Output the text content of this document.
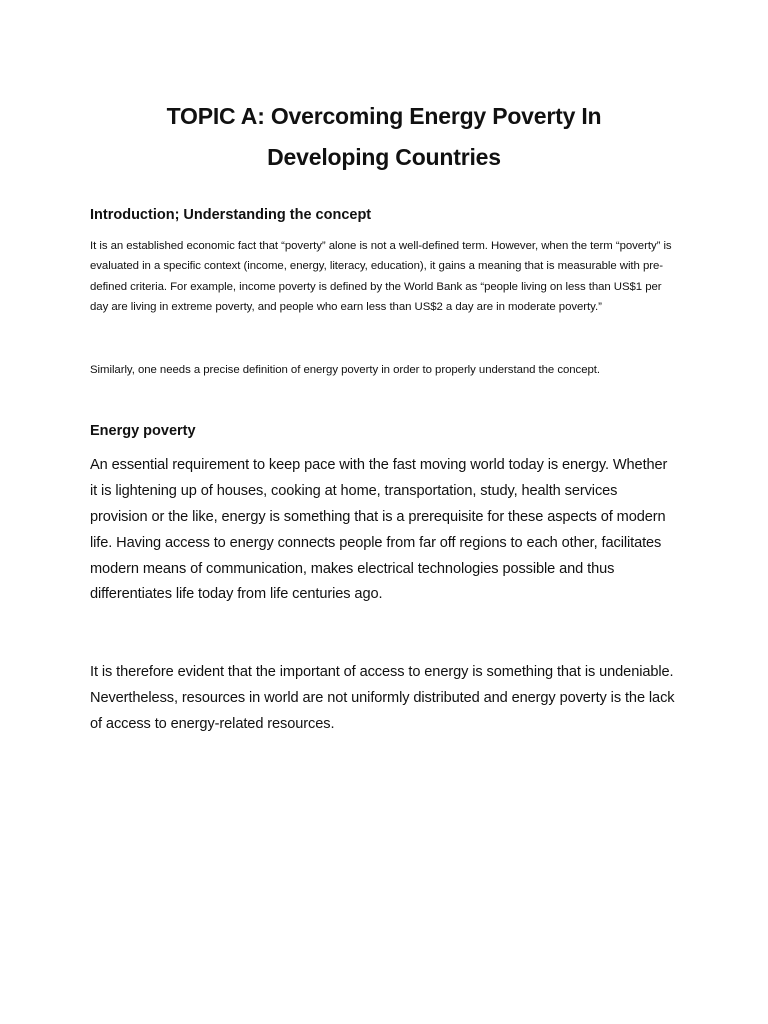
TOPIC A: Overcoming Energy Poverty In
Developing Countries
Introduction; Understanding the concept

It is an established economic fact that “poverty” alone is not a well-defined term. However, when the term “poverty” is evaluated in a specific context (income, energy, literacy, education), it gains a meaning that is measurable with pre-defined criteria. For example, income poverty is defined by the World Bank as “people living on less than US$1 per day are living in extreme poverty, and people who earn less than US$2 a day are in moderate poverty.”

Similarly, one needs a precise definition of energy poverty in order to properly understand the concept.

Energy poverty

An essential requirement to keep pace with the fast moving world today is energy. Whether it is lightening up of houses, cooking at home, transportation, study, health services provision or the like, energy is something that is a prerequisite for these aspects of modern life. Having access to energy connects people from far off regions to each other, facilitates modern means of communication, makes electrical technologies possible and thus differentiates life today from life centuries ago.

It is therefore evident that the important of access to energy is something that is undeniable. Nevertheless, resources in world are not uniformly distributed and energy poverty is the lack of access to energy-related resources.
